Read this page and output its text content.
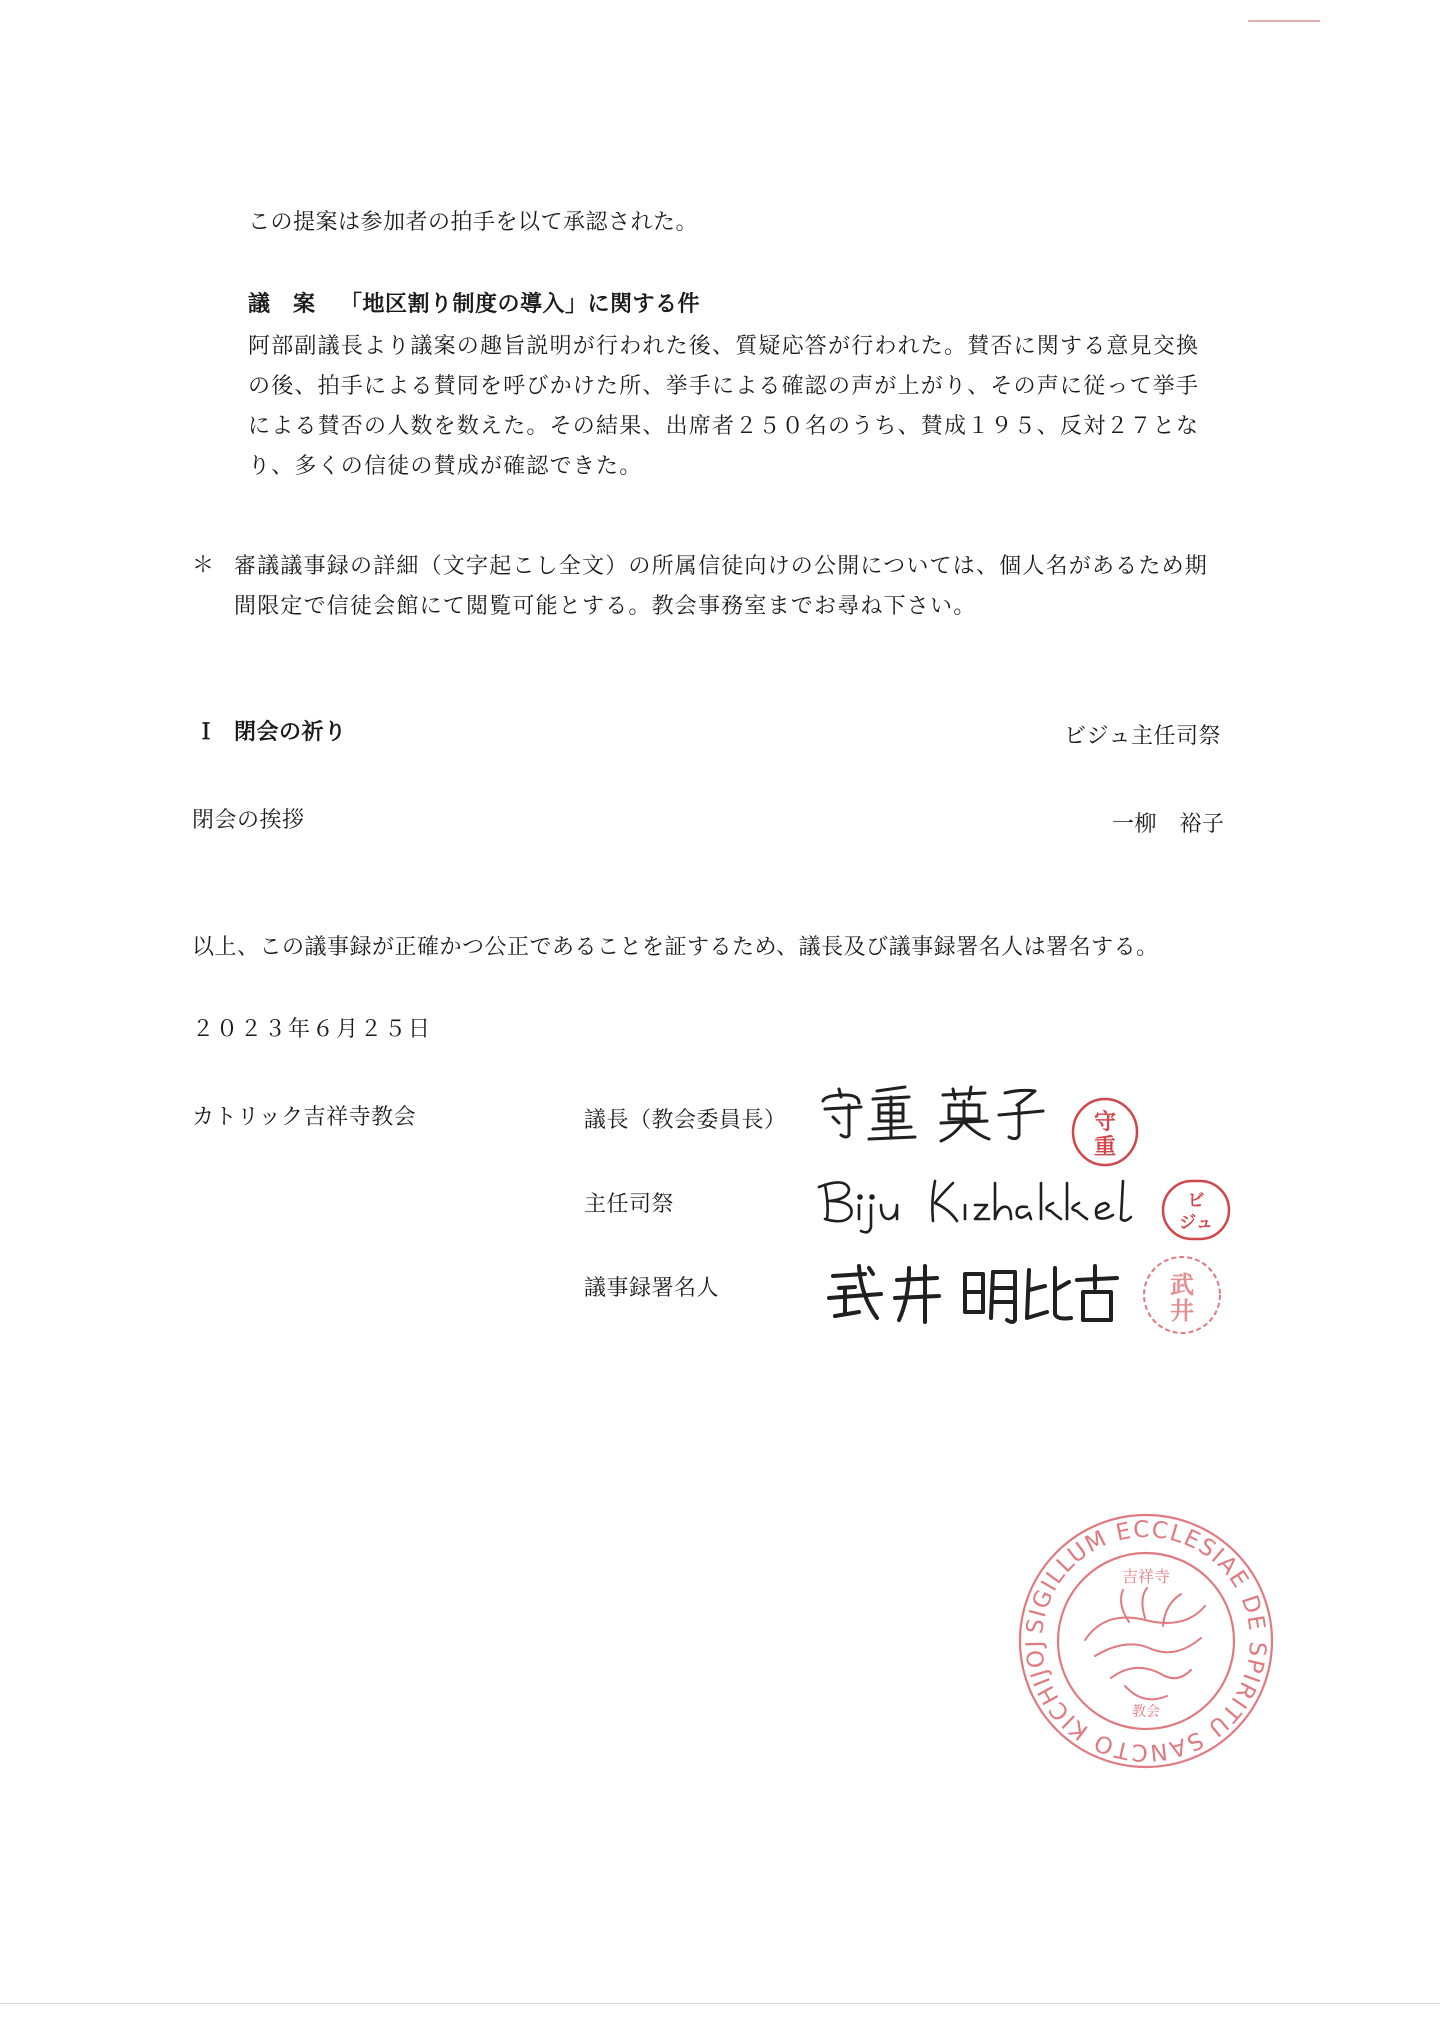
この提案は参加者の拍手を以て承認された。
議　案 「地区割り制度の導入」に関する件
阿部副議長より議案の趣旨説明が行われた後、質疑応答が行われた。賛否に関する意見交換
の後、拍手による賛同を呼びかけた所、挙手による確認の声が上がり、その声に従って挙手
による賛否の人数を数えた。その結果、出席者２５０名のうち、賛成１９５、反対２７とな
り、多くの信徒の賛成が確認できた。
＊ 審議議事録の詳細（文字起こし全文）の所属信徒向けの公開については、個人名があるため期
間限定で信徒会館にて閲覧可能とする。教会事務室までお尋ね下さい。
Ｉ 閉会の祈り	ビジュ主任司祭
閉会の挨拶	一柳　裕子
以上、この議事録が正確かつ公正であることを証するため、議長及び議事録署名人は署名する。
２０２３年６月２５日
カトリック吉祥寺教会	議長（教会委員長）
主任司祭
議事録署名人
守
重
ビ
ジュ
武
井
SIGILLUM ECCLESIAE DE SPIRITU SANCTO KICHIJOJI
吉祥寺
教会
